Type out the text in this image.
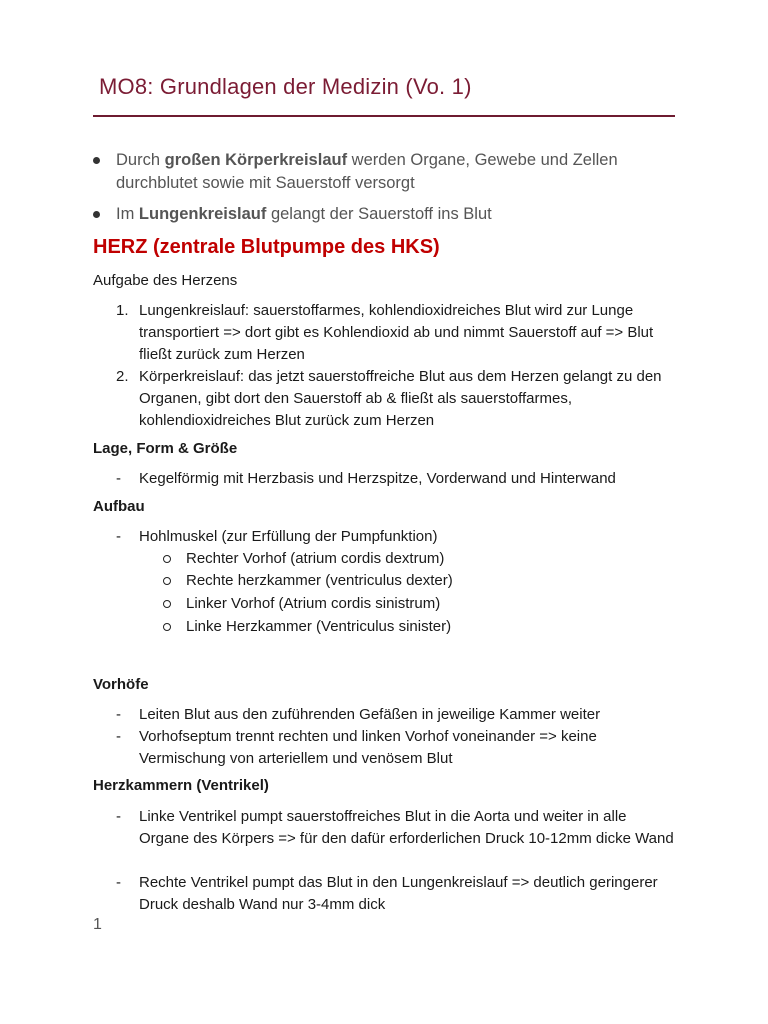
MO8: Grundlagen der Medizin (Vo. 1)
Durch großen Körperkreislauf werden Organe, Gewebe und Zellen durchblutet sowie mit Sauerstoff versorgt
Im Lungenkreislauf gelangt der Sauerstoff ins Blut
HERZ (zentrale Blutpumpe des HKS)
Aufgabe des Herzens
1. Lungenkreislauf: sauerstoffarmes, kohlendioxidreiches Blut wird zur Lunge transportiert => dort gibt es Kohlendioxid ab und nimmt Sauerstoff auf => Blut fließt zurück zum Herzen
2. Körperkreislauf: das jetzt sauerstoffreiche Blut aus dem Herzen gelangt zu den Organen, gibt dort den Sauerstoff ab & fließt als sauerstoffarmes, kohlendioxidreiches Blut zurück zum Herzen
Lage, Form & Größe
- Kegelförmig mit Herzbasis und Herzspitze, Vorderwand und Hinterwand
Aufbau
- Hohlmuskel (zur Erfüllung der Pumpfunktion)
Rechter Vorhof (atrium cordis dextrum)
Rechte herzkammer (ventriculus dexter)
Linker Vorhof (Atrium cordis sinistrum)
Linke Herzkammer (Ventriculus sinister)
Vorhöfe
- Leiten Blut aus den zuführenden Gefäßen in jeweilige Kammer weiter
- Vorhofseptum trennt rechten und linken Vorhof voneinander => keine Vermischung von arteriellem und venösem Blut
Herzkammern (Ventrikel)
- Linke Ventrikel pumpt sauerstoffreiches Blut in die Aorta und weiter in alle Organe des Körpers => für den dafür erforderlichen Druck 10-12mm dicke Wand
- Rechte Ventrikel pumpt das Blut in den Lungenkreislauf => deutlich geringerer Druck deshalb Wand nur 3-4mm dick
1
